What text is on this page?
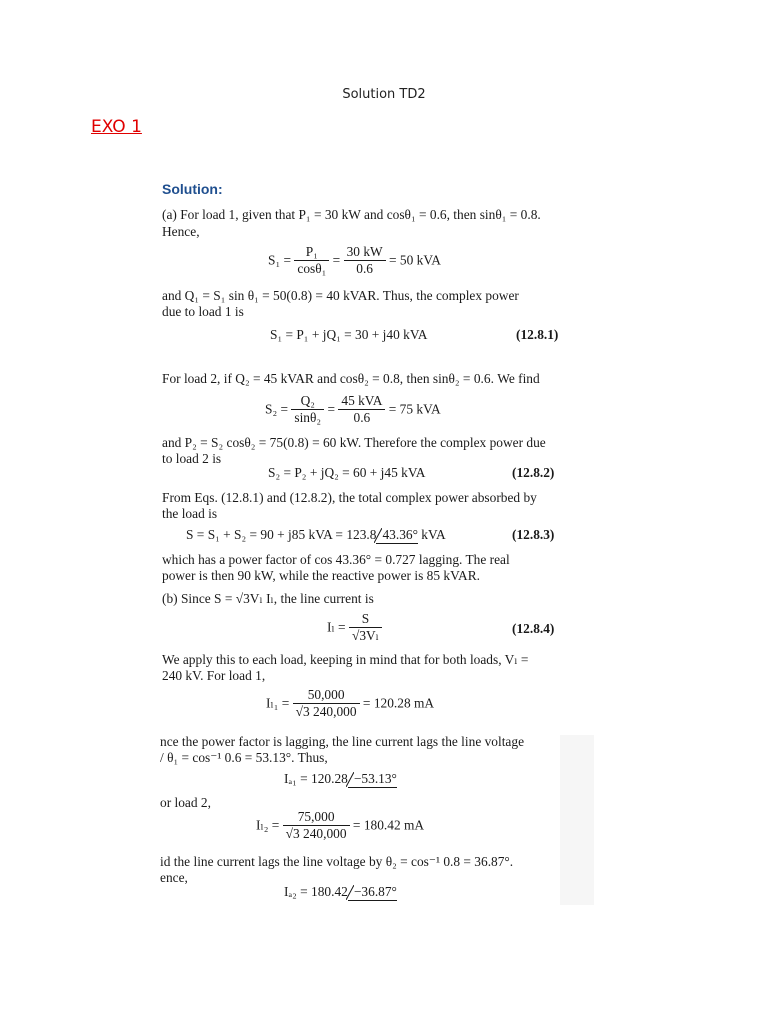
Solution TD2
EXO 1
Solution:
(a) For load 1, given that P₁ = 30 kW and cosθ₁ = 0.6, then sinθ₁ = 0.8.
Hence,
$S_1 = \frac{\text{P₁}}{\text{cosθ₁}} = \frac{30 kW}{0.6} = 50$ kVA
and Q₁ = S₁ sin θ₁ = 50(0.8) = 40 kVAR. Thus, the complex power
due to load 1 is
S₁ = P₁ + jQ₁ = 30 + j40 kVA	(12.8.1)
For load 2, if Q₂ = 45 kVAR and cosθ₂ = 0.8, then sinθ₂ = 0.6. We find
$S_2 = \frac{\text{Q₂}}{\text{sinθ₂}} = \frac{\text{45 kVA}}{0.6} = 75$ kVA
and P₂ = S₂ cosθ₂ = 75(0.8) = 60 kW. Therefore the complex power due
to load 2 is
S₂ = P₂ + jQ₂ = 60 + j45 kVA	(12.8.2)
From Eqs. (12.8.1) and (12.8.2), the total complex power absorbed by
the load is
S = S₁ + S₂ = 90 + j85 kVA = 123.8 43.36° kVA	(12.8.3)
which has a power factor of cos 43.36° = 0.727 lagging. The real
power is then 90 kW, while the reactive power is 85 kVAR.
(b) Since S = √3Vₗ Iₗ, the line current is
$I_l = \frac{S}{\text{√3Vₗ}}$	(12.8.4)
We apply this to each load, keeping in mind that for both loads, Vₗ =
240 kV. For load 1,
$I_{l1} = \frac{50,000}{√3 240,000} = 120.28$ mA
nce the power factor is lagging, the line current lags the line voltage
/ θ₁ = cos⁻¹ 0.6 = 53.13°. Thus,
Iₐ₁ = 120.28 −53.13°
or load 2,
$I_{l2} = \frac{75,000}{√3 240,000} = 180.42$ mA
id the line current lags the line voltage by θ₂ = cos⁻¹ 0.8 = 36.87°.
ence,
Iₐ₂ = 180.42 −36.87°
